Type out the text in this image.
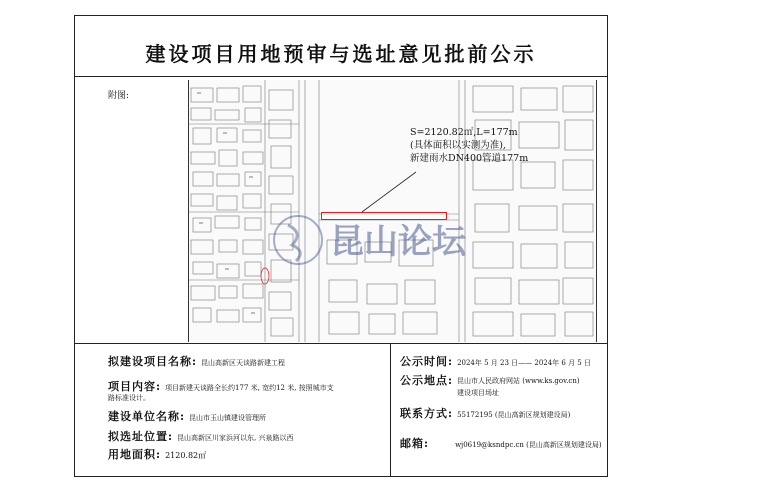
建设项目用地预审与选址意见批前公示
附图:
S=2120.82㎡,L=177m
(具体面积以实测为准),
新建雨水DN400管道177m
昆山论坛
拟建设项目名称: 昆山高新区天谈路新建工程
项目内容: 项目新建天谈路全长约177 米, 宽约12 米, 按照城市支
路标准设计。
建设单位名称: 昆山市玉山镇建设管理所
拟选址位置: 昆山高新区川家浜河以东, 兴泉路以西
用地面积: 2120.82㎡
公示时间: 2024年 5 月 23 日—— 2024年 6 月 5 日
公示地点: 昆山市人民政府网站 (www.ks.gov.cn)
建设项目场址
联系方式: 55172195 (昆山高新区规划建设局)
邮箱:	wj0619@ksndpc.cn (昆山高新区规划建设局)
